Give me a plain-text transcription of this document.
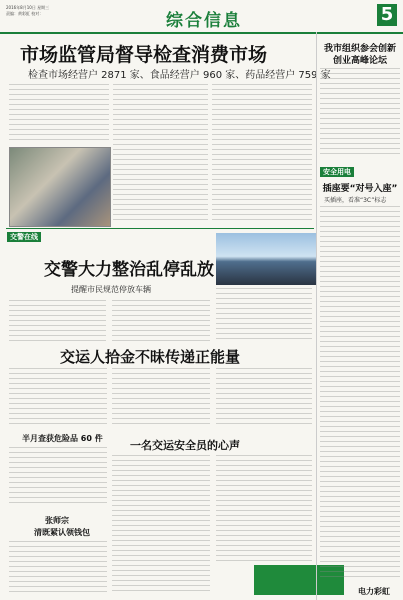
2016年8月10日 星期三
责编：黄彩虹 校对：	综合信息	5
市场监管局督导检查消费市场
检查市场经营户 2871 家、食品经营户 960 家、药品经营户 759 家
交警在线
交警大力整治乱停乱放
提醒市民规范停放车辆
交运人拾金不昧传递正能量
半月查获危险品 60 件
张师宗
清既紧认领钱包
一名交运安全员的心声
我市组织参会创新
创业高峰论坛
安全用电
插座要“对号入座”
买插座，看准“3C”标志
电力彩虹
